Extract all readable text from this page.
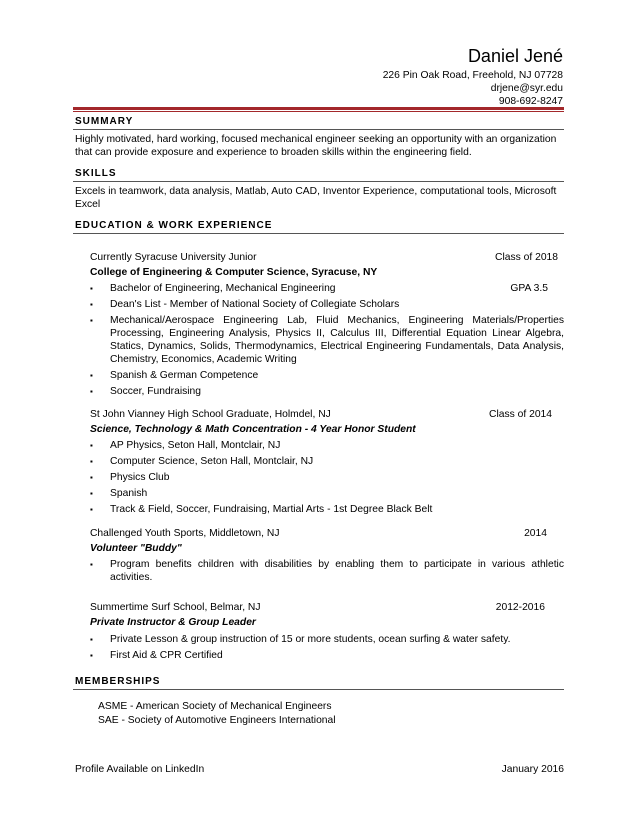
Daniel Jené
226 Pin Oak Road, Freehold, NJ 07728
drjene@syr.edu
908-692-8247
SUMMARY
Highly motivated, hard working, focused mechanical engineer seeking an opportunity with an organization that can provide exposure and experience to broaden skills within the engineering field.
SKILLS
Excels in teamwork, data analysis, Matlab, Auto CAD, Inventor Experience, computational tools, Microsoft Excel
EDUCATION & WORK EXPERIENCE
Currently Syracuse University Junior	Class of 2018
College of Engineering & Computer Science, Syracuse, NY
▪ Bachelor of Engineering, Mechanical Engineering	GPA 3.5
▪ Dean's List - Member of National Society of Collegiate Scholars
▪ Mechanical/Aerospace Engineering Lab, Fluid Mechanics, Engineering Materials/Properties Processing, Engineering Analysis, Physics II, Calculus III, Differential Equation Linear Algebra, Statics, Dynamics, Solids, Thermodynamics, Electrical Engineering Fundamentals, Data Analysis, Chemistry, Economics, Academic Writing
▪ Spanish & German Competence
▪ Soccer, Fundraising
St John Vianney High School Graduate, Holmdel, NJ	Class of 2014
Science, Technology & Math Concentration - 4 Year Honor Student
▪ AP Physics, Seton Hall, Montclair, NJ
▪ Computer Science, Seton Hall, Montclair, NJ
▪ Physics Club
▪ Spanish
▪ Track & Field, Soccer, Fundraising, Martial Arts - 1st Degree Black Belt
Challenged Youth Sports, Middletown, NJ	2014
Volunteer "Buddy"
▪ Program benefits children with disabilities by enabling them to participate in various athletic activities.
Summertime Surf School, Belmar, NJ	2012-2016
Private Instructor & Group Leader
▪ Private Lesson & group instruction of 15 or more students, ocean surfing & water safety.
▪ First Aid & CPR Certified
MEMBERSHIPS
ASME - American Society of Mechanical Engineers
SAE - Society of Automotive Engineers International
Profile Available on LinkedIn	January 2016
